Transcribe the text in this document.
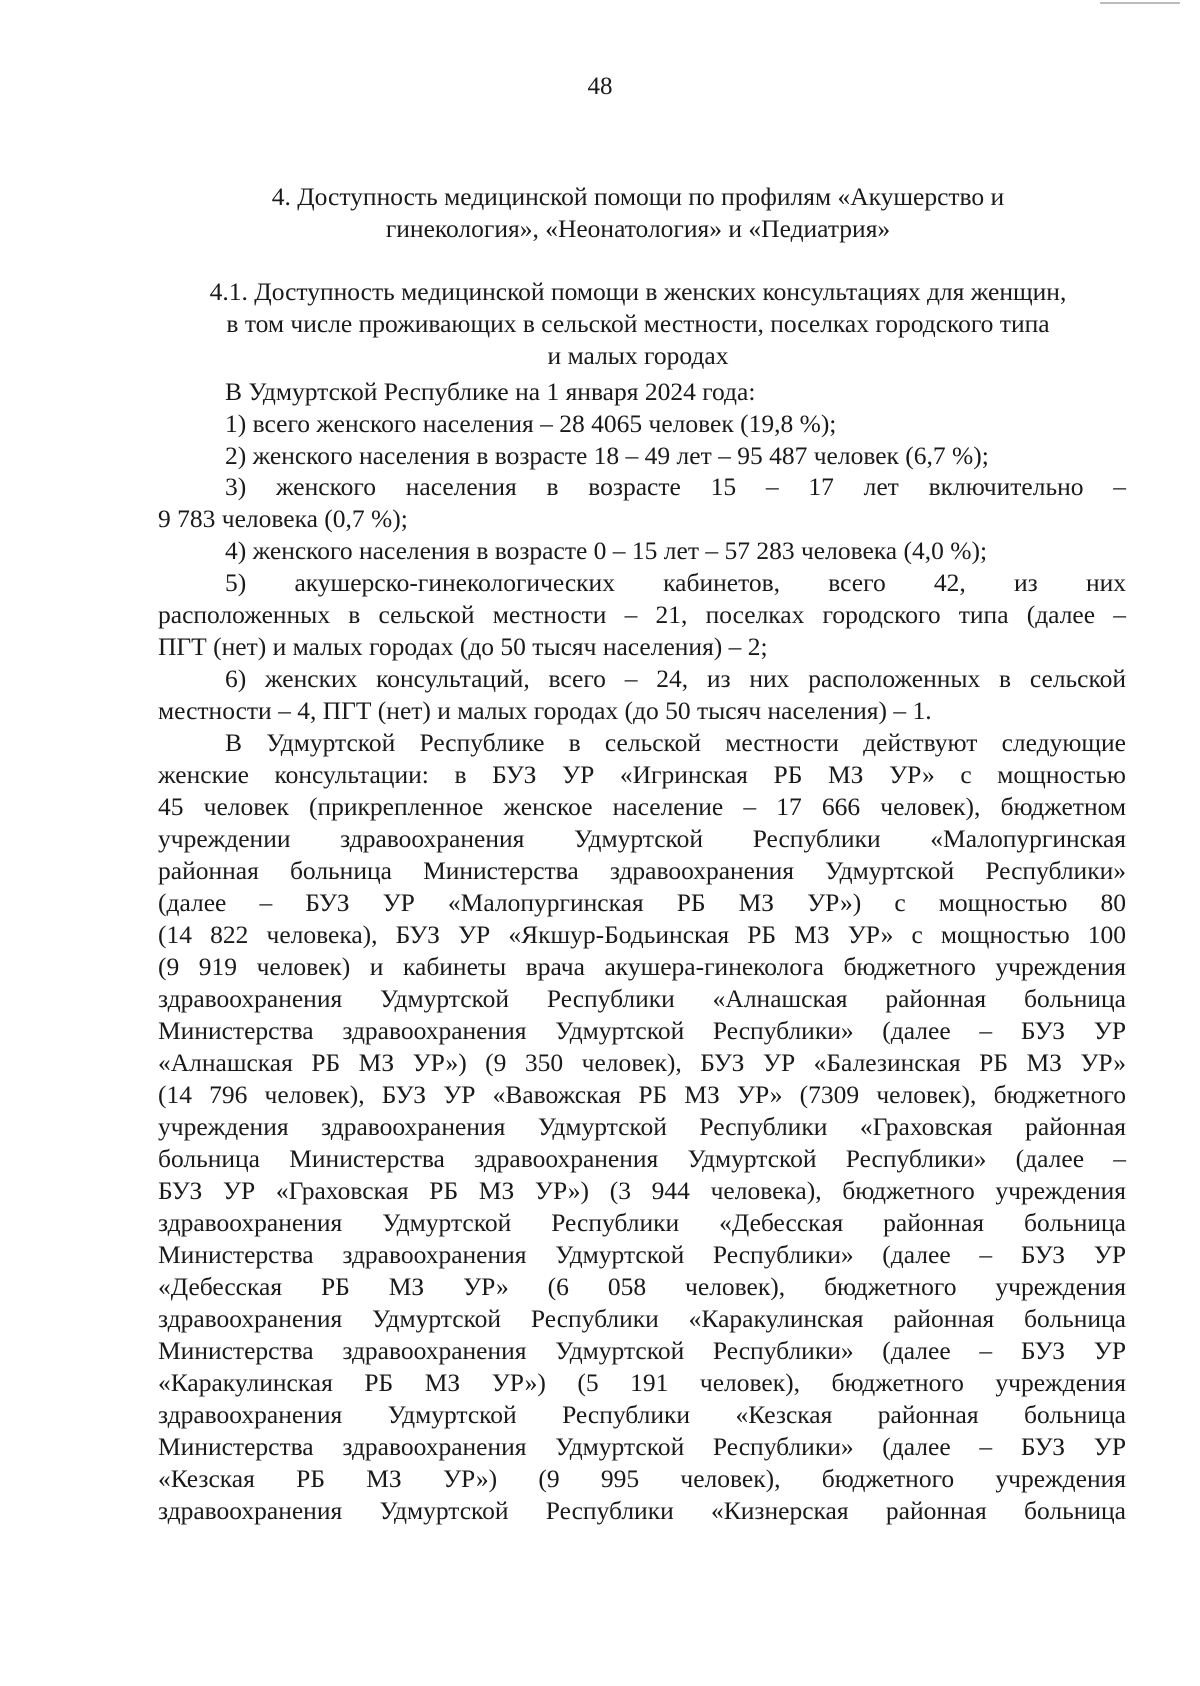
48
4. Доступность медицинской помощи по профилям «Акушерство и
гинекология», «Неонатология» и «Педиатрия»
4.1. Доступность медицинской помощи в женских консультациях для женщин,
в том числе проживающих в сельской местности, поселках городского типа
и малых городах
В Удмуртской Республике на 1 января 2024 года:
1) всего женского населения – 28 4065 человек (19,8 %);
2) женского населения в возрасте 18 – 49 лет – 95 487 человек (6,7 %);
3) женского населения в возрасте 15 – 17 лет включительно –
9 783 человека (0,7 %);
4) женского населения в возрасте 0 – 15 лет – 57 283 человека (4,0 %);
5) акушерско-гинекологических кабинетов, всего 42, из них
расположенных в сельской местности – 21, поселках городского типа (далее –
ПГТ (нет) и малых городах (до 50 тысяч населения) – 2;
6) женских консультаций, всего – 24, из них расположенных в сельской
местности – 4, ПГТ (нет) и малых городах (до 50 тысяч населения) – 1.
В Удмуртской Республике в сельской местности действуют следующие
женские консультации: в БУЗ УР «Игринская РБ МЗ УР» с мощностью
45 человек (прикрепленное женское население – 17 666 человек), бюджетном
учреждении здравоохранения Удмуртской Республики «Малопургинская
районная больница Министерства здравоохранения Удмуртской Республики»
(далее – БУЗ УР «Малопургинская РБ МЗ УР») с мощностью 80
(14 822 человека), БУЗ УР «Якшур-Бодьинская РБ МЗ УР» с мощностью 100
(9 919 человек) и кабинеты врача акушера-гинеколога бюджетного учреждения
здравоохранения Удмуртской Республики «Алнашская районная больница
Министерства здравоохранения Удмуртской Республики» (далее – БУЗ УР
«Алнашская РБ МЗ УР») (9 350 человек), БУЗ УР «Балезинская РБ МЗ УР»
(14 796 человек), БУЗ УР «Вавожская РБ МЗ УР» (7309 человек), бюджетного
учреждения здравоохранения Удмуртской Республики «Граховская районная
больница Министерства здравоохранения Удмуртской Республики» (далее –
БУЗ УР «Граховская РБ МЗ УР») (3 944 человека), бюджетного учреждения
здравоохранения Удмуртской Республики «Дебесская районная больница
Министерства здравоохранения Удмуртской Республики» (далее – БУЗ УР
«Дебесская РБ МЗ УР» (6 058 человек), бюджетного учреждения
здравоохранения Удмуртской Республики «Каракулинская районная больница
Министерства здравоохранения Удмуртской Республики» (далее – БУЗ УР
«Каракулинская РБ МЗ УР») (5 191 человек), бюджетного учреждения
здравоохранения Удмуртской Республики «Кезская районная больница
Министерства здравоохранения Удмуртской Республики» (далее – БУЗ УР
«Кезская РБ МЗ УР») (9 995 человек), бюджетного учреждения
здравоохранения Удмуртской Республики «Кизнерская районная больница
